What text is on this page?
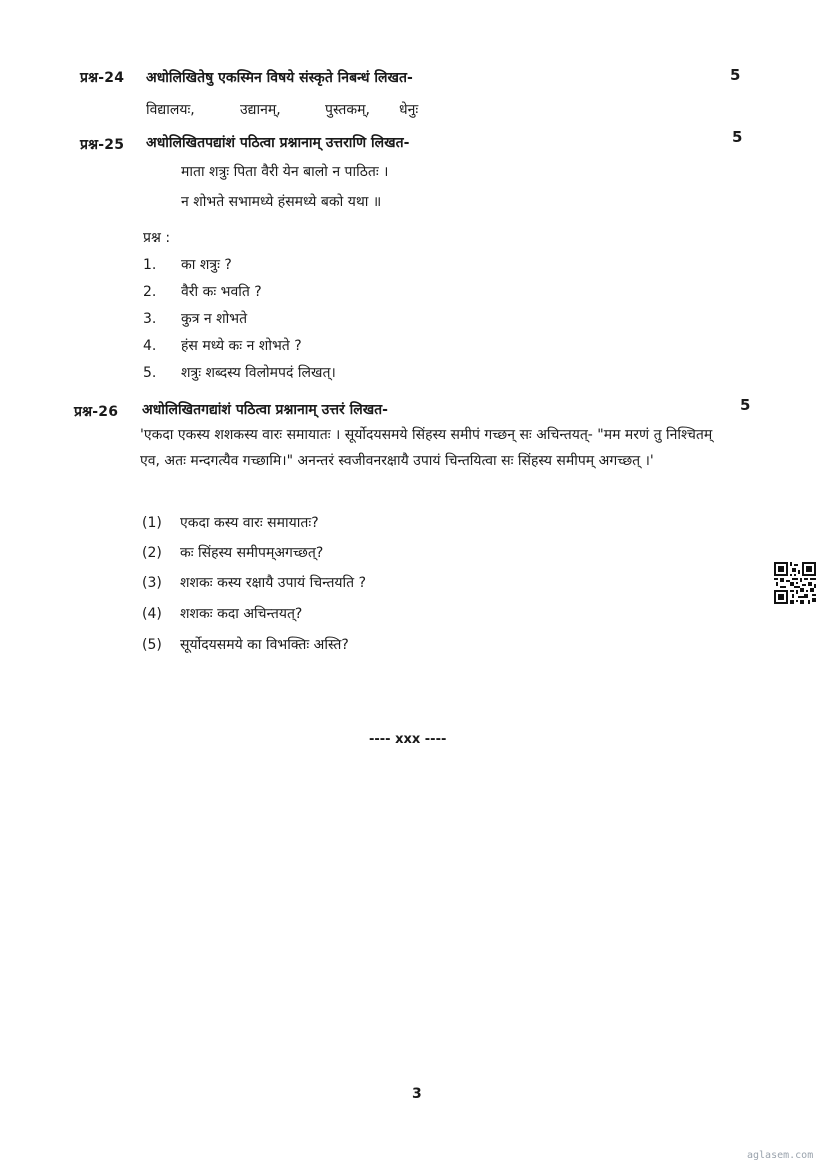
प्रश्न-24 अधोलिखितेषु एकस्मिन विषये संस्कृते निबन्धं लिखत-	5
विद्यालयः,	उद्यानम्,	पुस्तकम्, धेनुः
प्रश्न-25 अधोलिखितपद्यांशं पठित्वा प्रश्नानाम् उत्तराणि लिखत-	5
माता शत्रुः पिता वैरी येन बालो न पाठितः ।
न शोभते सभामध्ये हंसमध्ये बको यथा ॥
प्रश्न :
1. का शत्रुः ?
2. वैरी कः भवति ?
3. कुत्र न शोभते
4. हंस मध्ये कः न शोभते ?
5. शत्रुः शब्दस्य विलोमपदं लिखत्।
प्रश्न-26 अधोलिखितगद्यांशं पठित्वा प्रश्नानाम् उत्तरं लिखत-	5
'एकदा एकस्य शशकस्य वारः समायातः । सूर्योदयसमये सिंहस्य समीपं गच्छन् सः अचिन्तयत्- "मम मरणं तु निश्चितम् एव, अतः मन्दगत्यैव गच्छामि।" अनन्तरं स्वजीवनरक्षायै उपायं चिन्तयित्वा सः सिंहस्य समीपम् अगच्छत् ।'
(1) एकदा कस्य वारः समायातः?
(2) कः सिंहस्य समीपम्अगच्छत्?
(3) शशकः कस्य रक्षायै उपायं चिन्तयति ?
(4) शशकः कदा अचिन्तयत्?
(5) सूर्योदयसमये का विभक्तिः अस्ति?
---- xxx ----
3
aglasem.com
